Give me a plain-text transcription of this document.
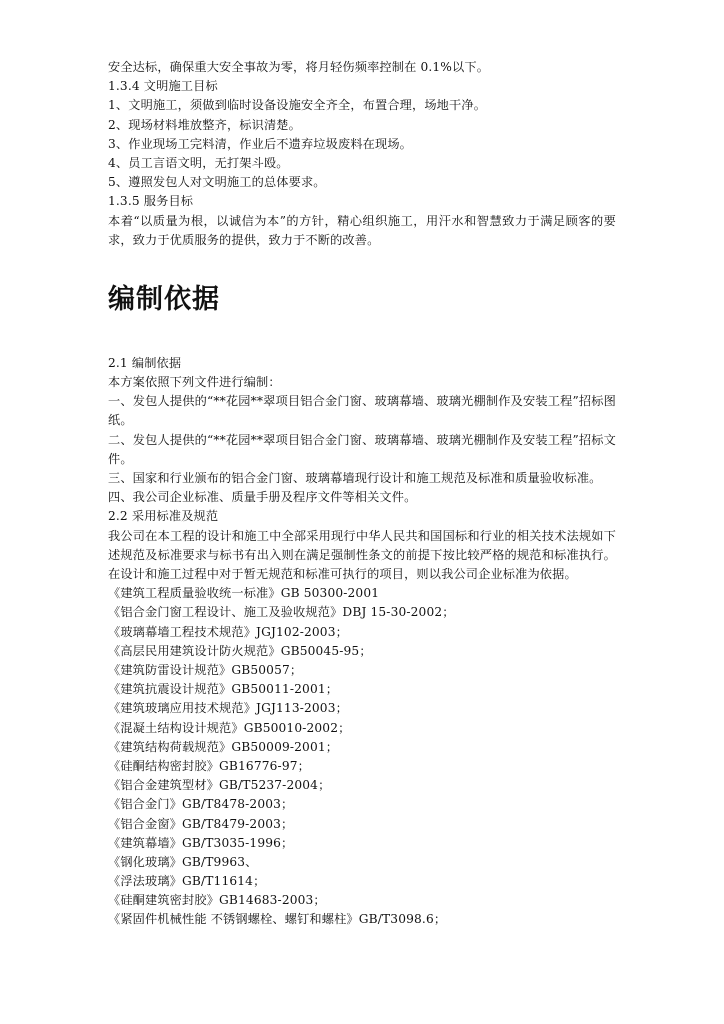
安全达标，确保重大安全事故为零，将月轻伤频率控制在 0.1%以下。
1.3.4 文明施工目标
1、文明施工，须做到临时设备设施安全齐全，布置合理，场地干净。
2、现场材料堆放整齐，标识清楚。
3、作业现场工完料清，作业后不遗弃垃圾废料在现场。
4、员工言语文明，无打架斗殴。
5、遵照发包人对文明施工的总体要求。
1.3.5 服务目标
本着“以质量为根，以诚信为本”的方针，精心组织施工，用汗水和智慧致力于满足顾客的要求，致力于优质服务的提供，致力于不断的改善。
编制依据
2.1 编制依据
本方案依照下列文件进行编制：
一、发包人提供的“**花园**翠项目铝合金门窗、玻璃幕墙、玻璃光棚制作及安装工程”招标图纸。
二、发包人提供的“**花园**翠项目铝合金门窗、玻璃幕墙、玻璃光棚制作及安装工程”招标文件。
三、国家和行业颁布的铝合金门窗、玻璃幕墙现行设计和施工规范及标准和质量验收标准。
四、我公司企业标准、质量手册及程序文件等相关文件。
2.2 采用标准及规范
我公司在本工程的设计和施工中全部采用现行中华人民共和国国标和行业的相关技术法规如下述规范及标准要求与标书有出入则在满足强制性条文的前提下按比较严格的规范和标准执行。在设计和施工过程中对于暂无规范和标准可执行的项目，则以我公司企业标准为依据。
《建筑工程质量验收统一标准》GB 50300-2001
《铝合金门窗工程设计、施工及验收规范》DBJ 15-30-2002；
《玻璃幕墙工程技术规范》JGJ102-2003；
《高层民用建筑设计防火规范》GB50045-95；
《建筑防雷设计规范》GB50057；
《建筑抗震设计规范》GB50011-2001；
《建筑玻璃应用技术规范》JGJ113-2003；
《混凝土结构设计规范》GB50010-2002；
《建筑结构荷载规范》GB50009-2001；
《硅酮结构密封胶》GB16776-97；
《铝合金建筑型材》GB/T5237-2004；
《铝合金门》GB/T8478-2003；
《铝合金窗》GB/T8479-2003；
《建筑幕墙》GB/T3035-1996；
《钢化玻璃》GB/T9963、
《浮法玻璃》GB/T11614；
《硅酮建筑密封胶》GB14683-2003；
《紧固件机械性能 不锈钢螺栓、螺钉和螺柱》GB/T3098.6；
